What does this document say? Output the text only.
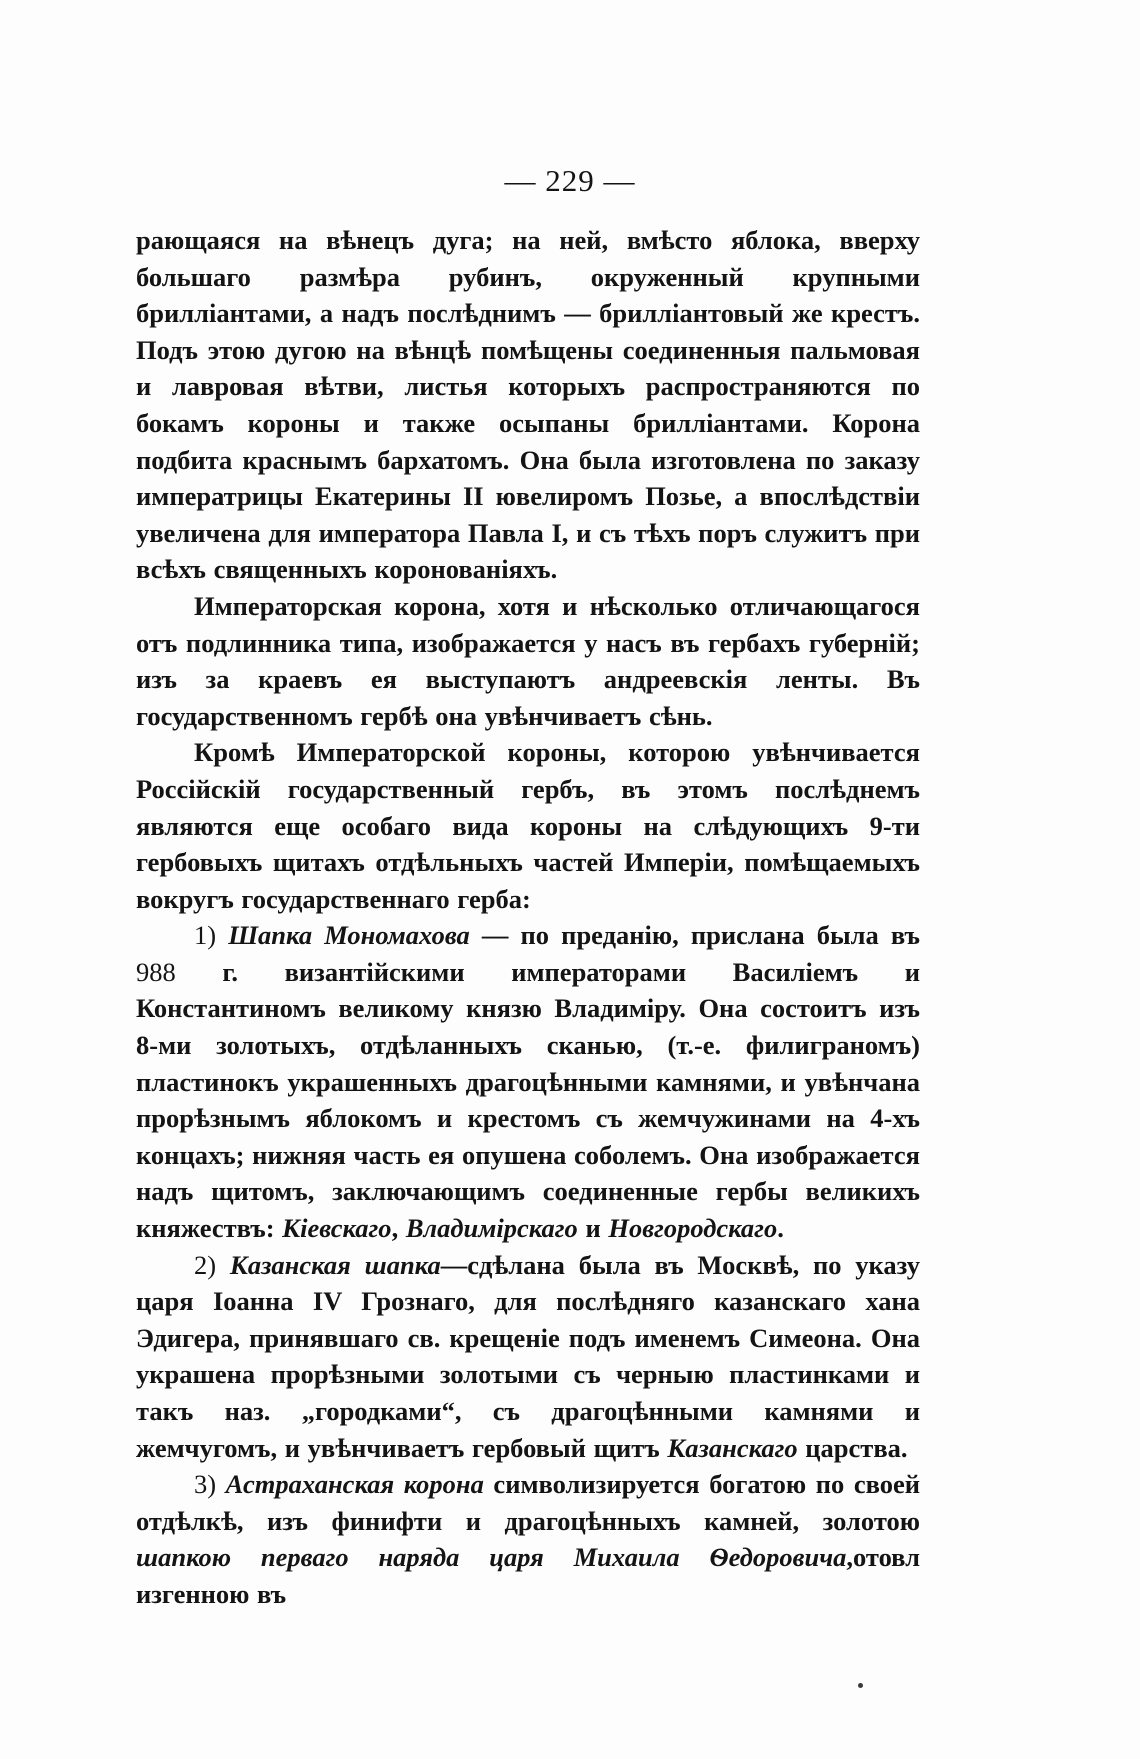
— 229 —

рающаяся на вѣнецъ дуга; на ней, вмѣсто яблока, вверху большаго размѣра рубинъ, окруженный крупными бриллiантами, а надъ послѣднимъ — бриллiантовый же крестъ. Подъ этою дугою на вѣнцѣ помѣщены соединенныя пальмовая и лавровая вѣтви, листья которыхъ распространяются по бокамъ короны и также осыпаны бриллiантами. Корона подбита краснымъ бархатомъ. Она была изготовлена по заказу императрицы Екатерины II ювелиромъ Позье, а впослѣдствiи увеличена для императора Павла I, и съ тѣхъ поръ служитъ при всѣхъ священныхъ коронованiяхъ.

Императорская корона, хотя и нѣсколько отличающагося отъ подлинника типа, изображается у насъ въ гербахъ губернiй; изъ за краевъ ея выступаютъ андреевскiя ленты. Въ государственномъ гербѣ она увѣнчиваетъ сѣнь.

Кромѣ Императорской короны, которою увѣнчивается Россiйскiй государственный гербъ, въ этомъ послѣднемъ являются еще особаго вида короны на слѣдующихъ 9-ти гербовыхъ щитахъ отдѣльныхъ частей Имперiи, помѣщаемыхъ вокругъ государственнаго герба:

1) Шапка Мономахова — по преданiю, прислана была въ 988 г. византiйскими императорами Василiемъ и Константиномъ великому князю Владимiру. Она состоитъ изъ 8-ми золотыхъ, отдѣланныхъ сканью, (т.-е. филиграномъ) пластинокъ украшенныхъ драгоцѣнными камнями, и увѣнчана прорѣзнымъ яблокомъ и крестомъ съ жемчужинами на 4-хъ концахъ; нижняя часть ея опушена соболемъ. Она изображается надъ щитомъ, заключающимъ соединенные гербы великихъ княжествъ: Кiевскаго, Владимiрскаго и Новгородскаго.

2) Казанская шапка—сдѣлана была въ Москвѣ, по указу царя Iоанна IV Грознаго, для послѣдняго казанскаго хана Эдигера, принявшаго св. крещенiе подъ именемъ Симеона. Она украшена прорѣзными золотыми съ черныю пластинками и такъ наз. „городками“, съ драгоцѣнными камнями и жемчугомъ, и увѣнчиваетъ гербовый щитъ Казанскаго царства.

3) Астраханская корона символизируется богатою по своей отдѣлкѣ, изъ финифти и драгоцѣнныхъ камней, золотою шапкою перваго наряда царя Михаила Ѳедоровича,отовл изгенною въ
